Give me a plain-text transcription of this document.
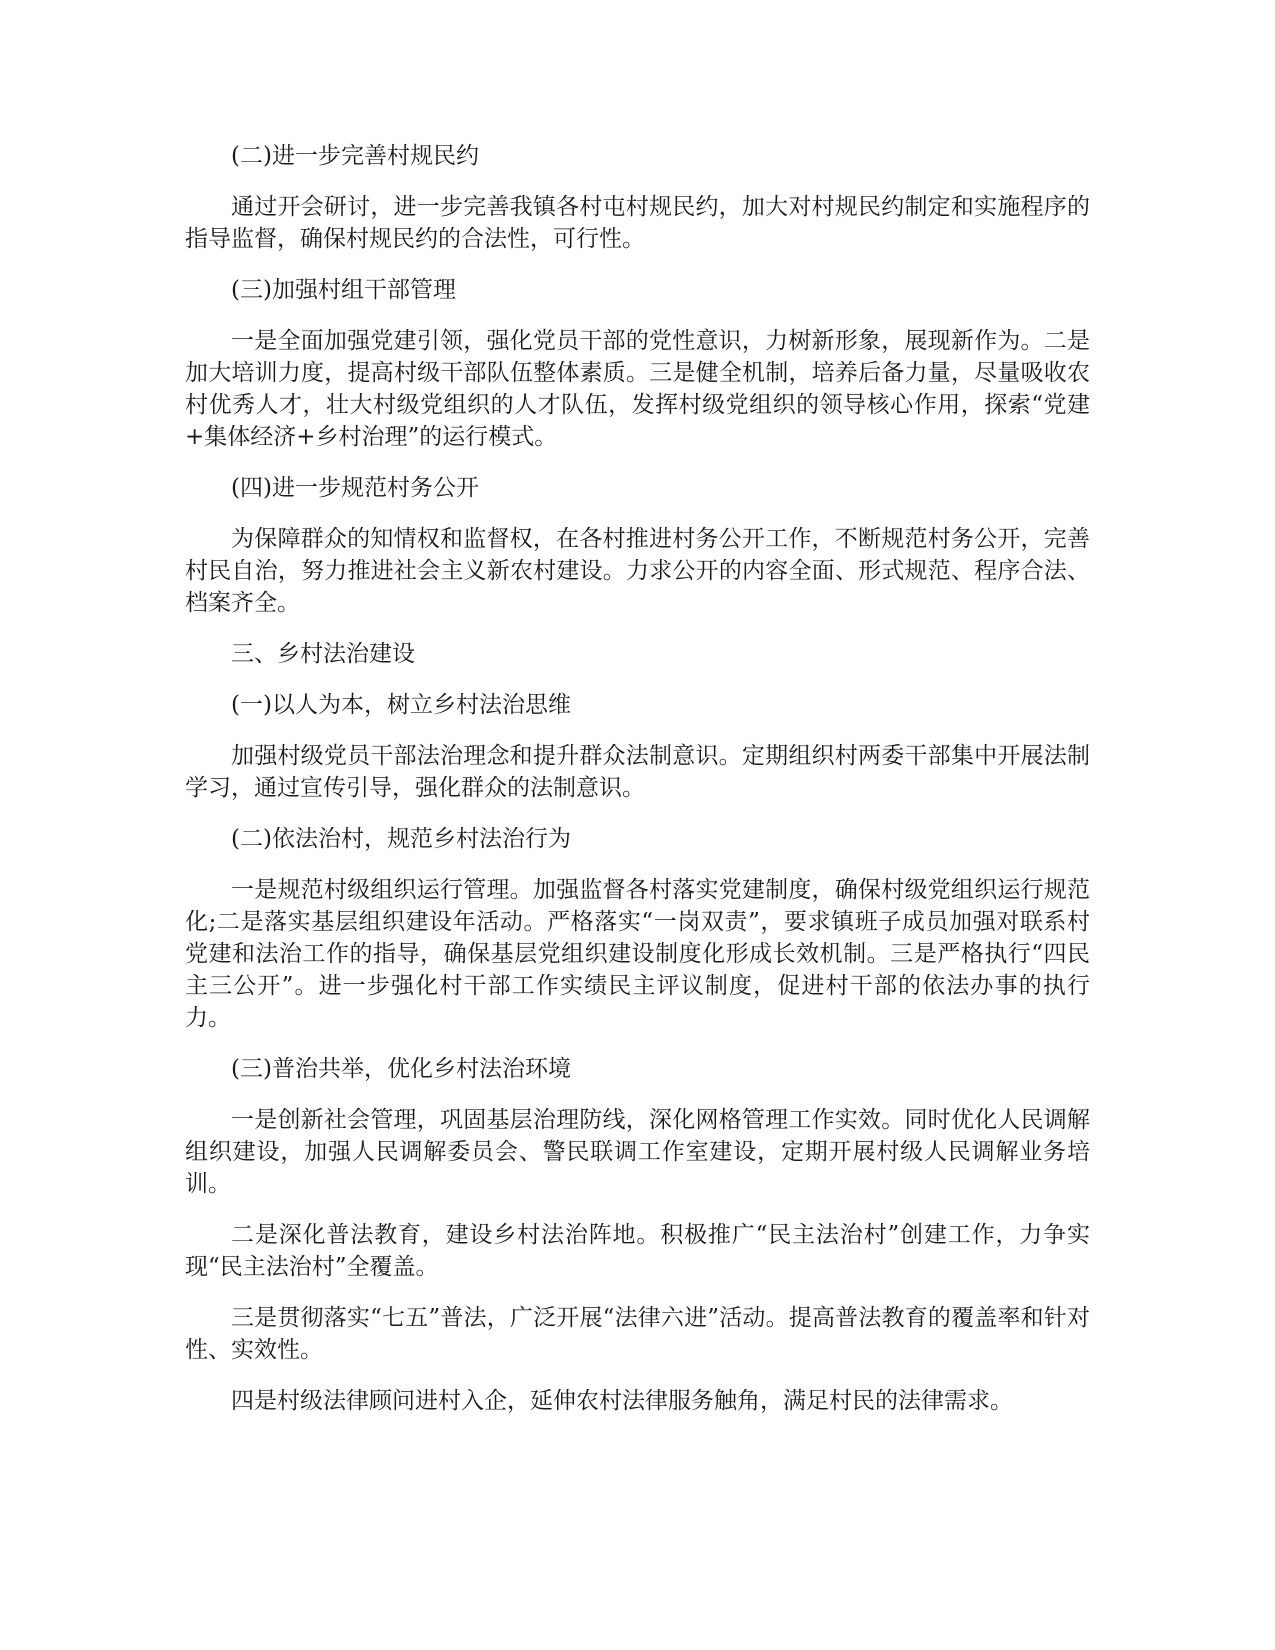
(二)进一步完善村规民约

通过开会研讨，进一步完善我镇各村屯村规民约，加大对村规民约制定和实施程序的指导监督，确保村规民约的合法性，可行性。

(三)加强村组干部管理

一是全面加强党建引领，强化党员干部的党性意识，力树新形象，展现新作为。二是加大培训力度，提高村级干部队伍整体素质。三是健全机制，培养后备力量，尽量吸收农村优秀人才，壮大村级党组织的人才队伍，发挥村级党组织的领导核心作用，探索“党建+集体经济+乡村治理”的运行模式。

(四)进一步规范村务公开

为保障群众的知情权和监督权，在各村推进村务公开工作，不断规范村务公开，完善村民自治，努力推进社会主义新农村建设。力求公开的内容全面、形式规范、程序合法、档案齐全。

三、乡村法治建设

(一)以人为本，树立乡村法治思维

加强村级党员干部法治理念和提升群众法制意识。定期组织村两委干部集中开展法制学习，通过宣传引导，强化群众的法制意识。

(二)依法治村，规范乡村法治行为

一是规范村级组织运行管理。加强监督各村落实党建制度，确保村级党组织运行规范化;二是落实基层组织建设年活动。严格落实“一岗双责”，要求镇班子成员加强对联系村党建和法治工作的指导，确保基层党组织建设制度化形成长效机制。三是严格执行“四民主三公开”。进一步强化村干部工作实绩民主评议制度，促进村干部的依法办事的执行力。

(三)普治共举，优化乡村法治环境

一是创新社会管理，巩固基层治理防线，深化网格管理工作实效。同时优化人民调解组织建设，加强人民调解委员会、警民联调工作室建设，定期开展村级人民调解业务培训。

二是深化普法教育，建设乡村法治阵地。积极推广“民主法治村”创建工作，力争实现“民主法治村”全覆盖。

三是贯彻落实“七五”普法，广泛开展“法律六进”活动。提高普法教育的覆盖率和针对性、实效性。

四是村级法律顾问进村入企，延伸农村法律服务触角，满足村民的法律需求。
